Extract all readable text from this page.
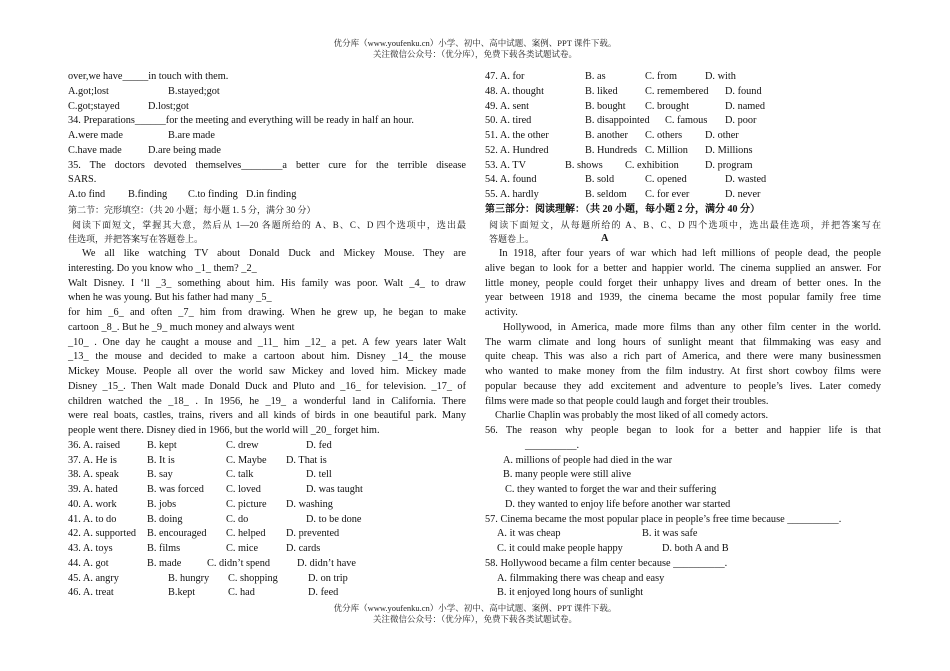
优分库（www.youfenku.cn）小学、初中、高中试题、案例、PPT 课件下载。
关注微信公众号：（优分库），免费下载各类试题试卷。
over,we have_____in touch with them.
A.got;lost	B.stayed;got
C.got;stayed	D.lost;got
34. Preparations______for the meeting and everything will be ready in half an hour.
A.were made	B.are made
C.have made	D.are being made
35. The doctors devoted themselves________a better cure for the terrible disease
SARS.
A.to find B.finding C.to finding D.in finding
第二节：完形填空：（共 20 小题；每小题 1. 5 分，满分 30 分）
阅读下面短文，掌握其大意，然后从 1—20 各题所给的 A、B、C、D 四个选项中，选出最
佳选项，并把答案写在答题卷上。
We all like watching TV about Donald Duck and Mickey Mouse. They are
interesting. Do you know who _1_ them? _2_
Walt Disney. I ‘ll _3_ something about him. His family was poor. Walt _4_ to draw
when he was young. But his father had many _5_
for him _6_ and often _7_ him from drawing. When he grew up, he began to make
cartoon _8_. But he _9_ much money and always went
_10_ . One day he caught a mouse and _11_ him _12_ a pet. A few years later Walt
_13_ the mouse and decided to make a cartoon about him. Disney _14_ the mouse
Mickey Mouse. People all over the world saw Mickey and loved him. Mickey made
Disney _15_. Then Walt made Donald Duck and Pluto and _16_ for television. _17_ of
children watched the _18_ . In 1956, he _19_ a wonderful land in California. There
were real boats, castles, trains, rivers and all kinds of birds in one beautiful park. Many
people went there. Disney died in 1966, but the world will _20_ forget him.
36. A. raised	B. kept	C. drew	D. fed
37. A. He is	B. It is	C. Maybe D. That is
38. A. speak	B. say	C. talk	D. tell
39. A. hated	B. was forced C. loved	D. was taught
40. A. work	B. jobs	C. picture D. washing
41. A. to do	B. doing	C. do	D. to be done
42. A. supported B. encouraged C. helped D. prevented
43. A. toys	B. films	C. mice	D. cards
44. A. got	B. made C. didn’t spend	D. didn’t have
45. A. angry	B. hungry C. shopping	D. on trip
46. A. treat	B.kept	C. had	D. feed
47. A. for	B. as	C. from	D. with
48. A. thought	B. liked	C. remembered D. found
49. A. sent	B. bought C. brought	D. named
50. A. tired	B. disappointed C. famous D. poor
51. A. the other	B. another C. others D. other
52. A. Hundred	B. Hundreds C. Million D. Millions
53. A. TV	B. shows C. exhibition	D. program
54. A. found	B. sold	C. opened	D. wasted
55. A. hardly	B. seldom C. for ever	D. never
第三部分：阅读理解：（共 20 小题，每小题 2 分，满分 40 分）
阅读下面短文，从每题所给的 A、B、C、D 四个选项中，选出最佳选项，并把答案写在
答题卷上。	A
In 1918, after four years of war which had left millions of people dead, the people
alive began to look for a better and happier world. The cinema supplied an answer. For
little money, people could forget their unhappy lives and dream of better ones. In the
year between 1918 and 1939, the cinema became the most popular family free time
activity.
Hollywood, in America, made more films than any other film center in the world.
The warm climate and long hours of sunlight meant that filmmaking was easy and
quite cheap. This was also a rich part of America, and there were many businessmen
who wanted to make money from the film industry. At first short cowboy films were
popular because they add excitement and adventure to people’s lives. Later comedy
films were made so that people could laugh and forget their troubles.
Charlie Chaplin was probably the most liked of all comedy actors.
56. The reason why people began to look for a better and happier life is that
__________.
A. millions of people had died in the war
B. many people were still alive
C. they wanted to forget the war and their suffering
D. they wanted to enjoy life before another war started
57. Cinema became the most popular place in people’s free time because __________.
A. it was cheap	B. it was safe
C. it could make people happy	D. both A and B
58. Hollywood became a film center because __________.
A. filmmaking there was cheap and easy
B. it enjoyed long hours of sunlight
优分库（www.youfenku.cn）小学、初中、高中试题、案例、PPT 课件下载。
关注微信公众号：（优分库），免费下载各类试题试卷。
